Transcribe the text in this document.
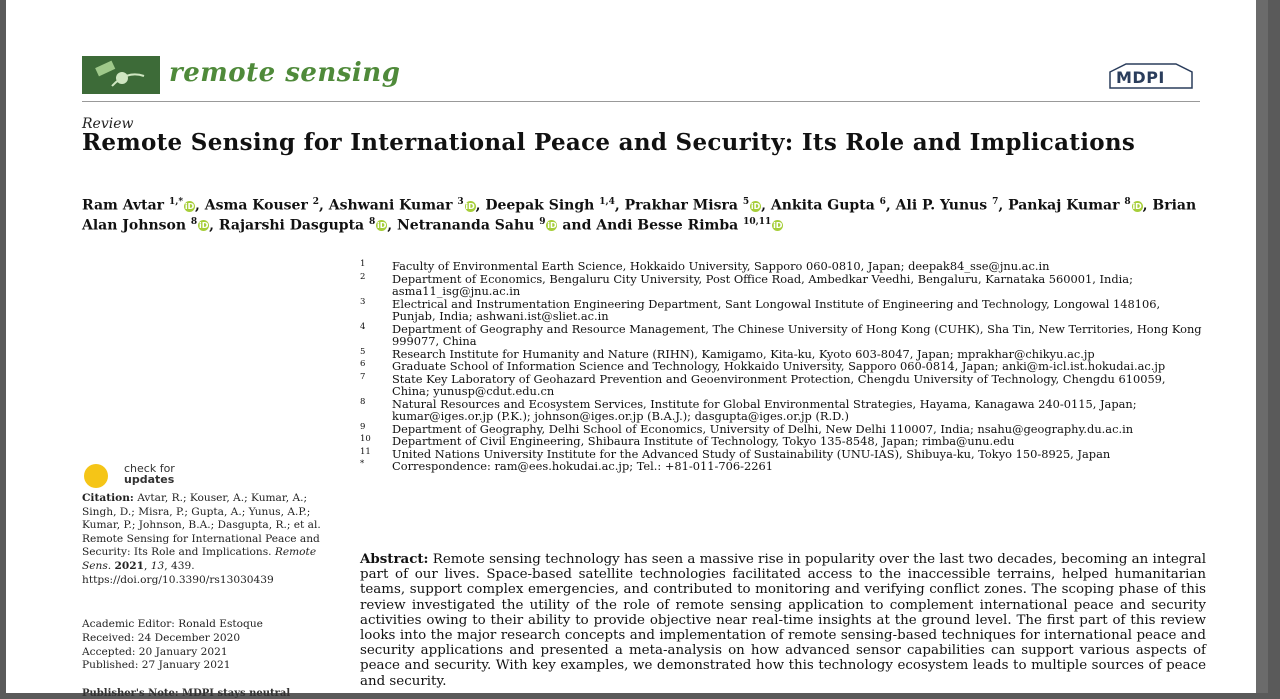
remote sensing	MDPI
Review
Remote Sensing for International Peace and Security: Its Role and Implications
Ram Avtar $^{1,*}$ iD, Asma Kouser $^2$, Ashwani Kumar $^3$ iD, Deepak Singh $^{1,4}$, Prakhar Misra $^5$ iD, Ankita Gupta $^6$, Ali P. Yunus $^7$, Pankaj Kumar $^8$ iD, Brian Alan Johnson $^8$ iD, Rajarshi Dasgupta $^8$ iD, Netrananda Sahu $^9$ iD and Andi Besse Rimba $^{10,11}$ iD
1 Faculty of Environmental Earth Science, Hokkaido University, Sapporo 060-0810, Japan; deepak84_sse@jnu.ac.in
2 Department of Economics, Bengaluru City University, Post Office Road, Ambedkar Veedhi, Bengaluru, Karnataka 560001, India; asma11_isg@jnu.ac.in
3 Electrical and Instrumentation Engineering Department, Sant Longowal Institute of Engineering and Technology, Longowal 148106, Punjab, India; ashwani.ist@sliet.ac.in
4 Department of Geography and Resource Management, The Chinese University of Hong Kong (CUHK), Sha Tin, New Territories, Hong Kong 999077, China
5 Research Institute for Humanity and Nature (RIHN), Kamigamo, Kita-ku, Kyoto 603-8047, Japan; mprakhar@chikyu.ac.jp
6 Graduate School of Information Science and Technology, Hokkaido University, Sapporo 060-0814, Japan; anki@m-icl.ist.hokudai.ac.jp
7 State Key Laboratory of Geohazard Prevention and Geoenvironment Protection, Chengdu University of Technology, Chengdu 610059, China; yunusp@cdut.edu.cn
8 Natural Resources and Ecosystem Services, Institute for Global Environmental Strategies, Hayama, Kanagawa 240-0115, Japan; kumar@iges.or.jp (P.K.); johnson@iges.or.jp (B.A.J.); dasgupta@iges.or.jp (R.D.)
9 Department of Geography, Delhi School of Economics, University of Delhi, New Delhi 110007, India; nsahu@geography.du.ac.in
10 Department of Civil Engineering, Shibaura Institute of Technology, Tokyo 135-8548, Japan; rimba@unu.edu
11 United Nations University Institute for the Advanced Study of Sustainability (UNU-IAS), Shibuya-ku, Tokyo 150-8925, Japan
* Correspondence: ram@ees.hokudai.ac.jp; Tel.: +81-011-706-2261
check for
updates
Citation: Avtar, R.; Kouser, A.; Kumar, A.; Singh, D.; Misra, P.; Gupta, A.; Yunus, A.P.; Kumar, P.; Johnson, B.A.; Dasgupta, R.; et al. Remote Sensing for International Peace and Security: Its Role and Implications. Remote Sens. 2021, 13, 439. https://doi.org/10.3390/rs13030439
Academic Editor: Ronald Estoque
Received: 24 December 2020
Accepted: 20 January 2021
Published: 27 January 2021
Abstract: Remote sensing technology has seen a massive rise in popularity over the last two decades, becoming an integral part of our lives. Space-based satellite technologies facilitated access to the inaccessible terrains, helped humanitarian teams, support complex emergencies, and contributed to monitoring and verifying conflict zones. The scoping phase of this review investigated the utility of the role of remote sensing application to complement international peace and security activities owing to their ability to provide objective near real-time insights at the ground level. The first part of this review looks into the major research concepts and implementation of remote sensing-based techniques for international peace and security applications and presented a meta-analysis on how advanced sensor capabilities can support various aspects of peace and security. With key examples, we demonstrated how this technology ecosystem leads to multiple sources of peace and security.
Publisher's Note: MDPI stays neutral
